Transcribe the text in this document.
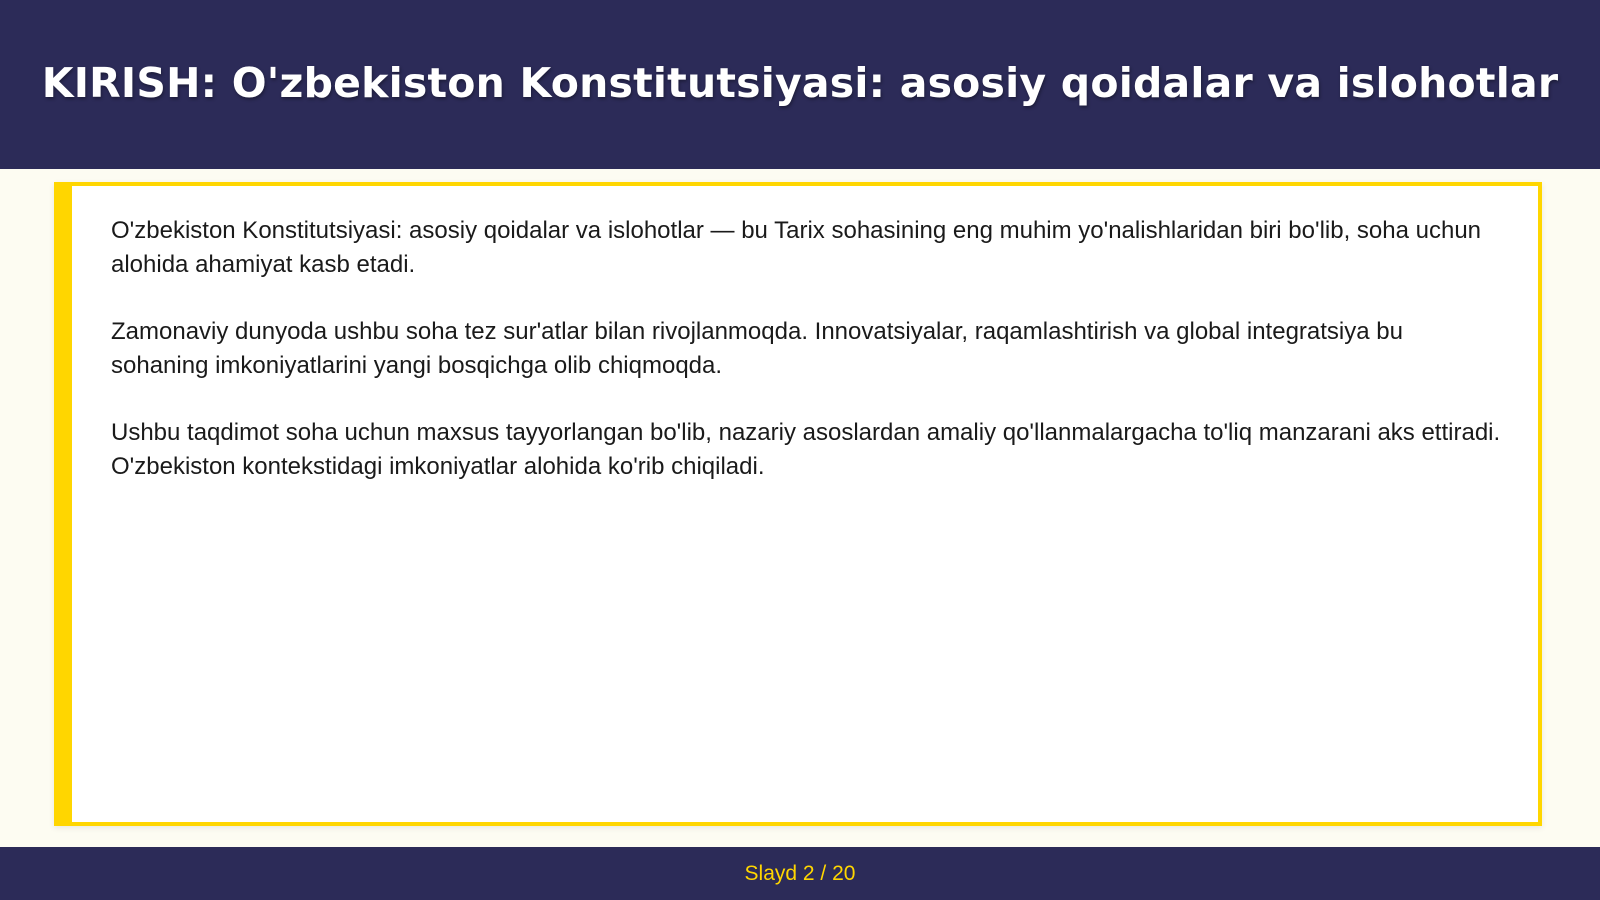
KIRISH: O'zbekiston Konstitutsiyasi: asosiy qoidalar va islohotlar

O'zbekiston Konstitutsiyasi: asosiy qoidalar va islohotlar — bu Tarix sohasining eng muhim yo'nalishlaridan biri bo'lib, soha uchun alohida ahamiyat kasb etadi.

Zamonaviy dunyoda ushbu soha tez sur'atlar bilan rivojlanmoqda. Innovatsiyalar, raqamlashtirish va global integratsiya bu sohaning imkoniyatlarini yangi bosqichga olib chiqmoqda.

Ushbu taqdimot soha uchun maxsus tayyorlangan bo'lib, nazariy asoslardan amaliy qo'llanmalargacha to'liq manzarani aks ettiradi. O'zbekiston kontekstidagi imkoniyatlar alohida ko'rib chiqiladi.

Slayd 2 / 20
